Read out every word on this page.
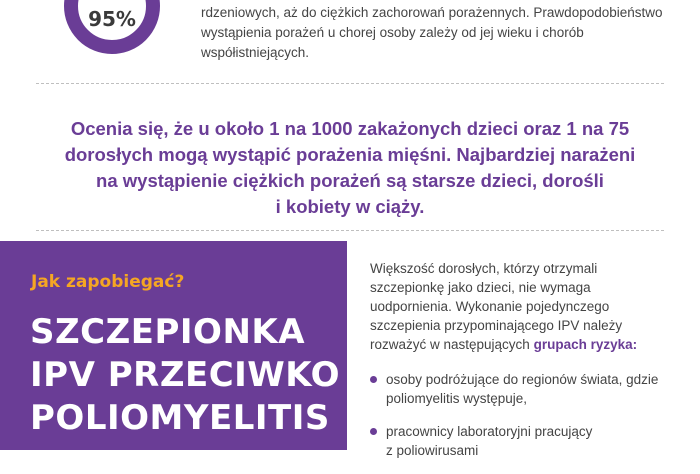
95%	rdzeniowych, aż do ciężkich zachorowań porażennych. Prawdopodobieństwo
wystąpienia porażeń u chorej osoby zależy od jej wieku i chorób
współistniejących.
Ocenia się, że u około 1 na 1000 zakażonych dzieci oraz 1 na 75
dorosłych mogą wystąpić porażenia mięśni. Najbardziej narażeni
na wystąpienie ciężkich porażeń są starsze dzieci, dorośli
i kobiety w ciąży.
Jak zapobiegać?
SZCZEPIONKA
IPV PRZECIWKO
POLIOMYELITIS
Większość dorosłych, którzy otrzymali
szczepionkę jako dzieci, nie wymaga
uodpornienia. Wykonanie pojedynczego
szczepienia przypominającego IPV należy
rozważyć w następujących grupach ryzyka:
osoby podróżujące do regionów świata, gdzie
poliomyelitis występuje,
pracownicy laboratoryjni pracujący
z poliowirusami
